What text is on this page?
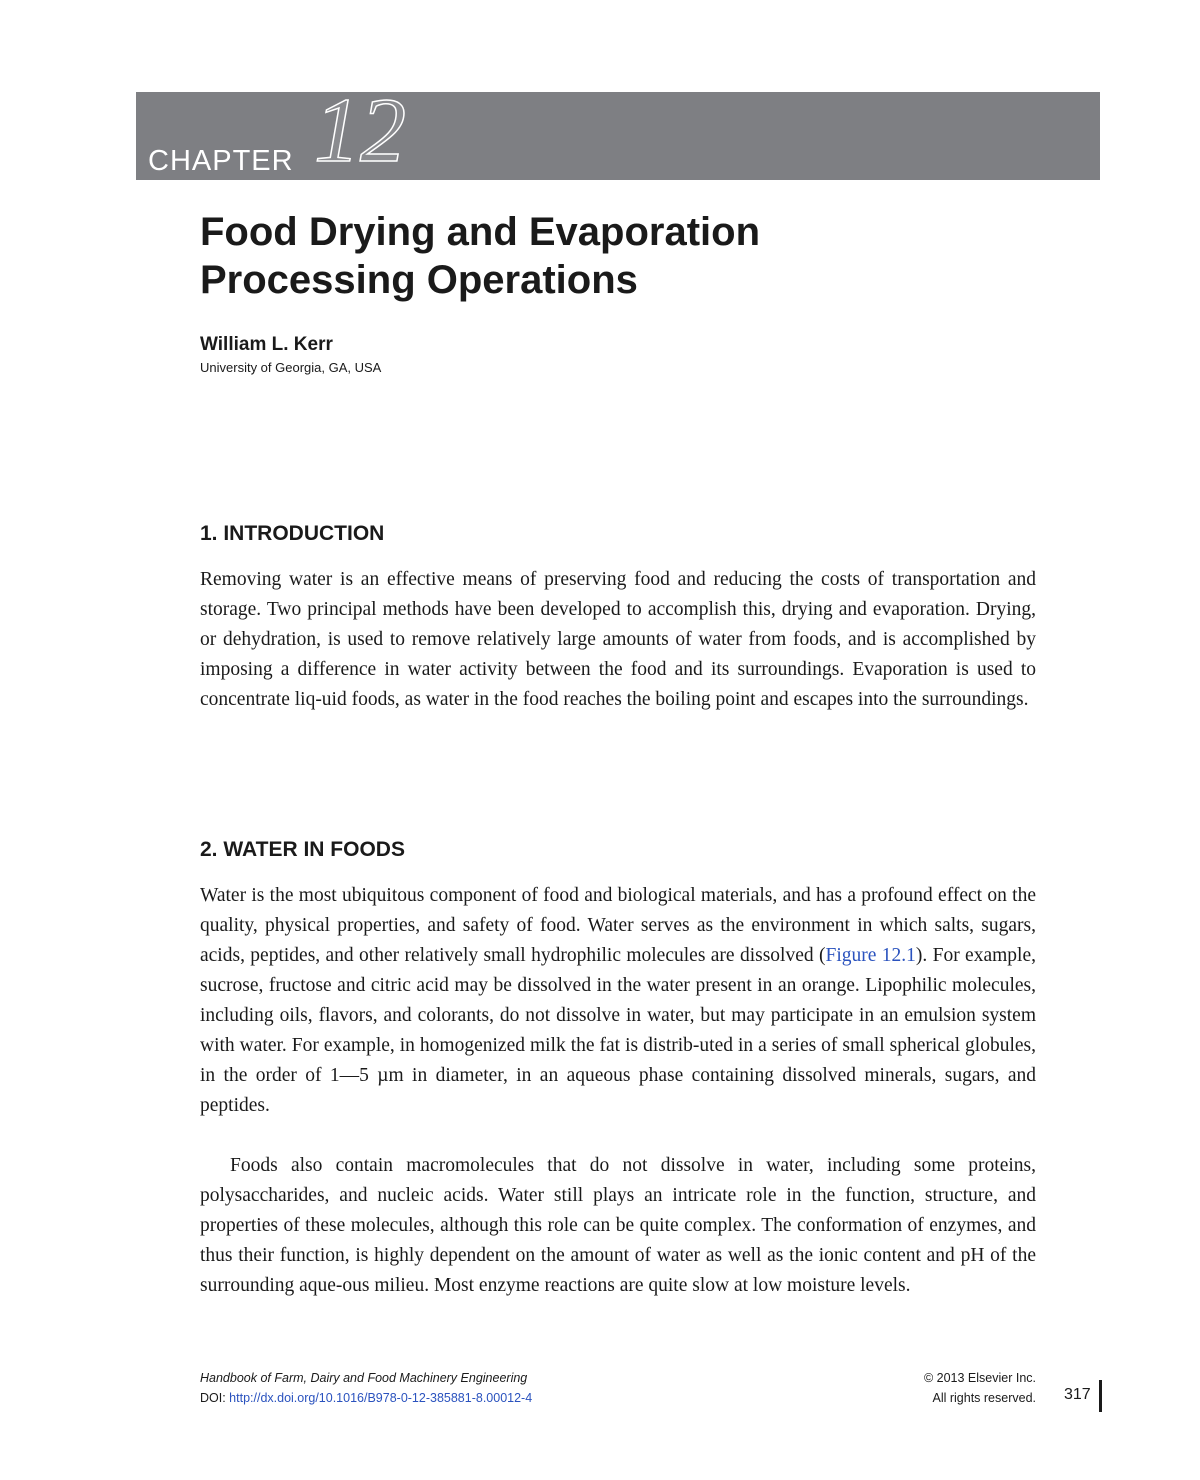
CHAPTER 12
Food Drying and Evaporation
Processing Operations
William L. Kerr
University of Georgia, GA, USA
1. INTRODUCTION

Removing water is an effective means of preserving food and reducing the costs of transportation and storage. Two principal methods have been developed to accomplish this, drying and evaporation. Drying, or dehydration, is used to remove relatively large amounts of water from foods, and is accomplished by imposing a difference in water activity between the food and its surroundings. Evaporation is used to concentrate liq-uid foods, as water in the food reaches the boiling point and escapes into the surroundings.

2. WATER IN FOODS

Water is the most ubiquitous component of food and biological materials, and has a profound effect on the quality, physical properties, and safety of food. Water serves as the environment in which salts, sugars, acids, peptides, and other relatively small hydrophilic molecules are dissolved (Figure 12.1). For example, sucrose, fructose and citric acid may be dissolved in the water present in an orange. Lipophilic molecules, including oils, flavors, and colorants, do not dissolve in water, but may participate in an emulsion system with water. For example, in homogenized milk the fat is distrib-uted in a series of small spherical globules, in the order of 1—5 µm in diameter, in an aqueous phase containing dissolved minerals, sugars, and peptides.

Foods also contain macromolecules that do not dissolve in water, including some proteins, polysaccharides, and nucleic acids. Water still plays an intricate role in the function, structure, and properties of these molecules, although this role can be quite complex. The conformation of enzymes, and thus their function, is highly dependent on the amount of water as well as the ionic content and pH of the surrounding aque-ous milieu. Most enzyme reactions are quite slow at low moisture levels.

Handbook of Farm, Dairy and Food Machinery Engineering
DOI: http://dx.doi.org/10.1016/B978-0-12-385881-8.00012-4
© 2013 Elsevier Inc.
All rights reserved. 317
